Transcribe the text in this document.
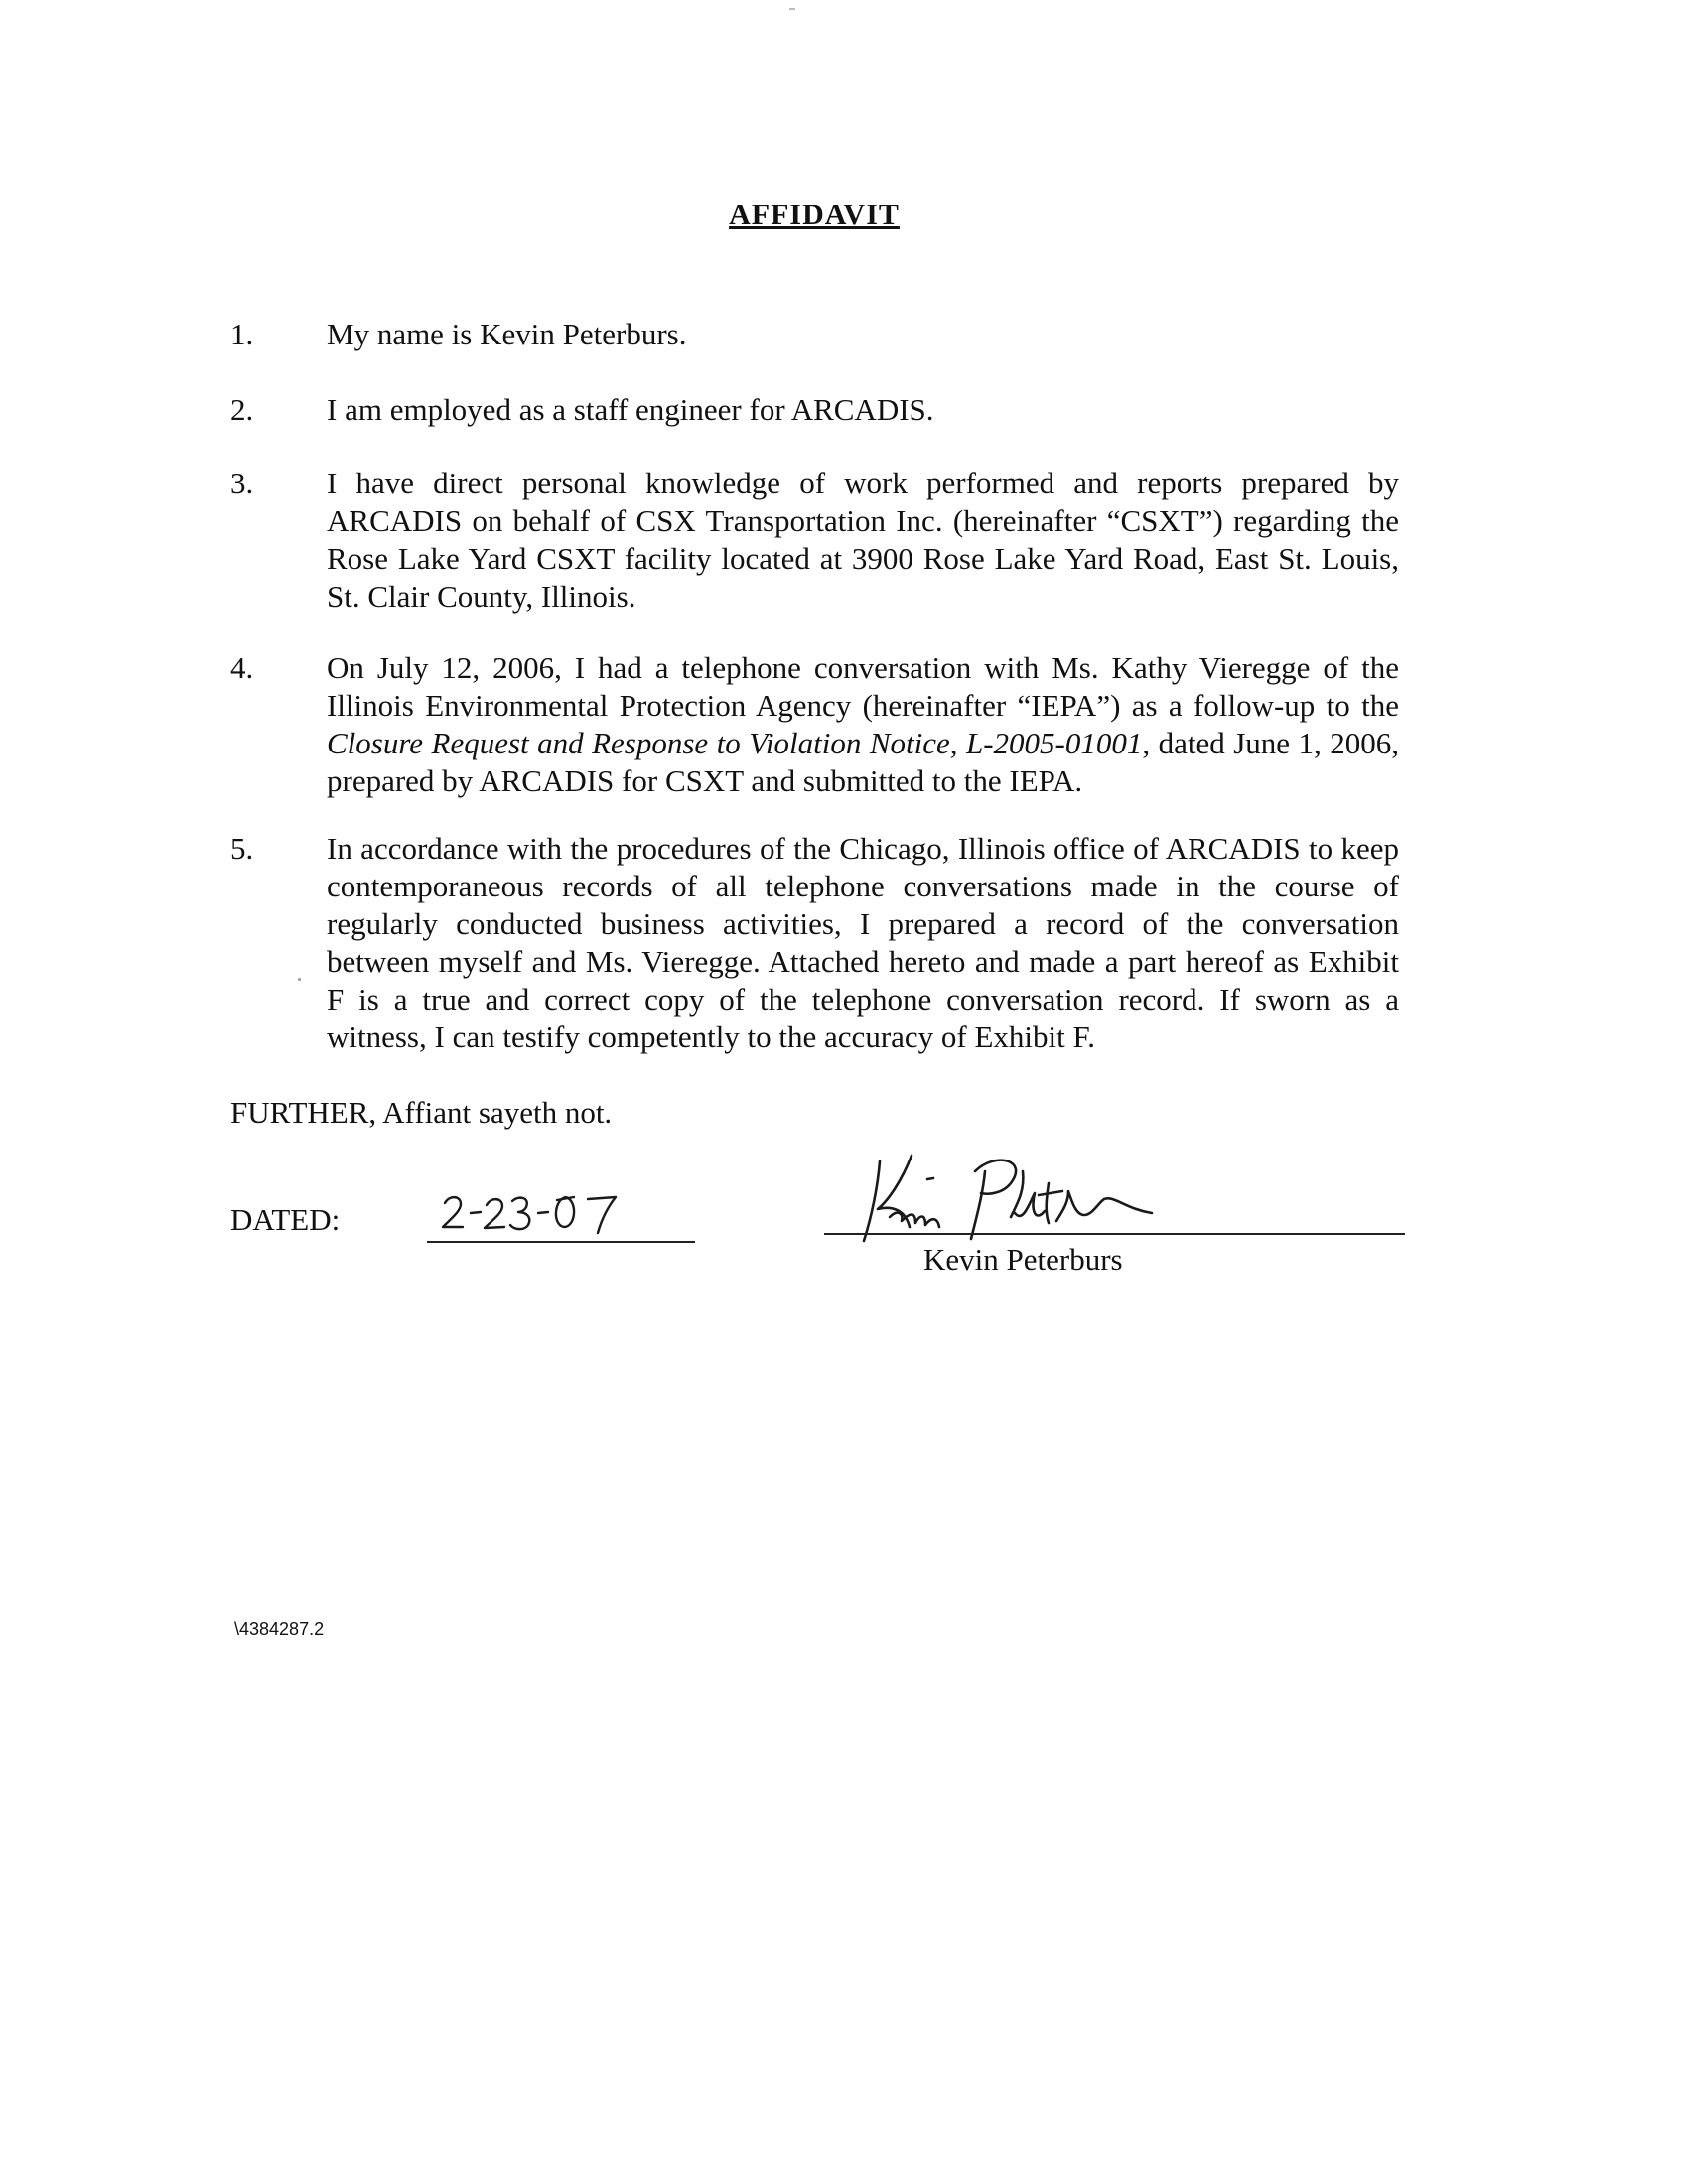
AFFIDAVIT
1.	My name is Kevin Peterburs.
2.	I am employed as a staff engineer for ARCADIS.
3.	I have direct personal knowledge of work performed and reports prepared by ARCADIS on behalf of CSX Transportation Inc. (hereinafter “CSXT”) regarding the Rose Lake Yard CSXT facility located at 3900 Rose Lake Yard Road, East St. Louis, St. Clair County, Illinois.
4.	On July 12, 2006, I had a telephone conversation with Ms. Kathy Vieregge of the Illinois Environmental Protection Agency (hereinafter “IEPA”) as a follow-up to the Closure Request and Response to Violation Notice, L-2005-01001, dated June 1, 2006, prepared by ARCADIS for CSXT and submitted to the IEPA.
5.	In accordance with the procedures of the Chicago, Illinois office of ARCADIS to keep contemporaneous records of all telephone conversations made in the course of regularly conducted business activities, I prepared a record of the conversation between myself and Ms. Vieregge. Attached hereto and made a part hereof as Exhibit F is a true and correct copy of the telephone conversation record. If sworn as a witness, I can testify competently to the accuracy of Exhibit F.
FURTHER, Affiant sayeth not.
DATED:
Kevin Peterburs
\4384287.2
